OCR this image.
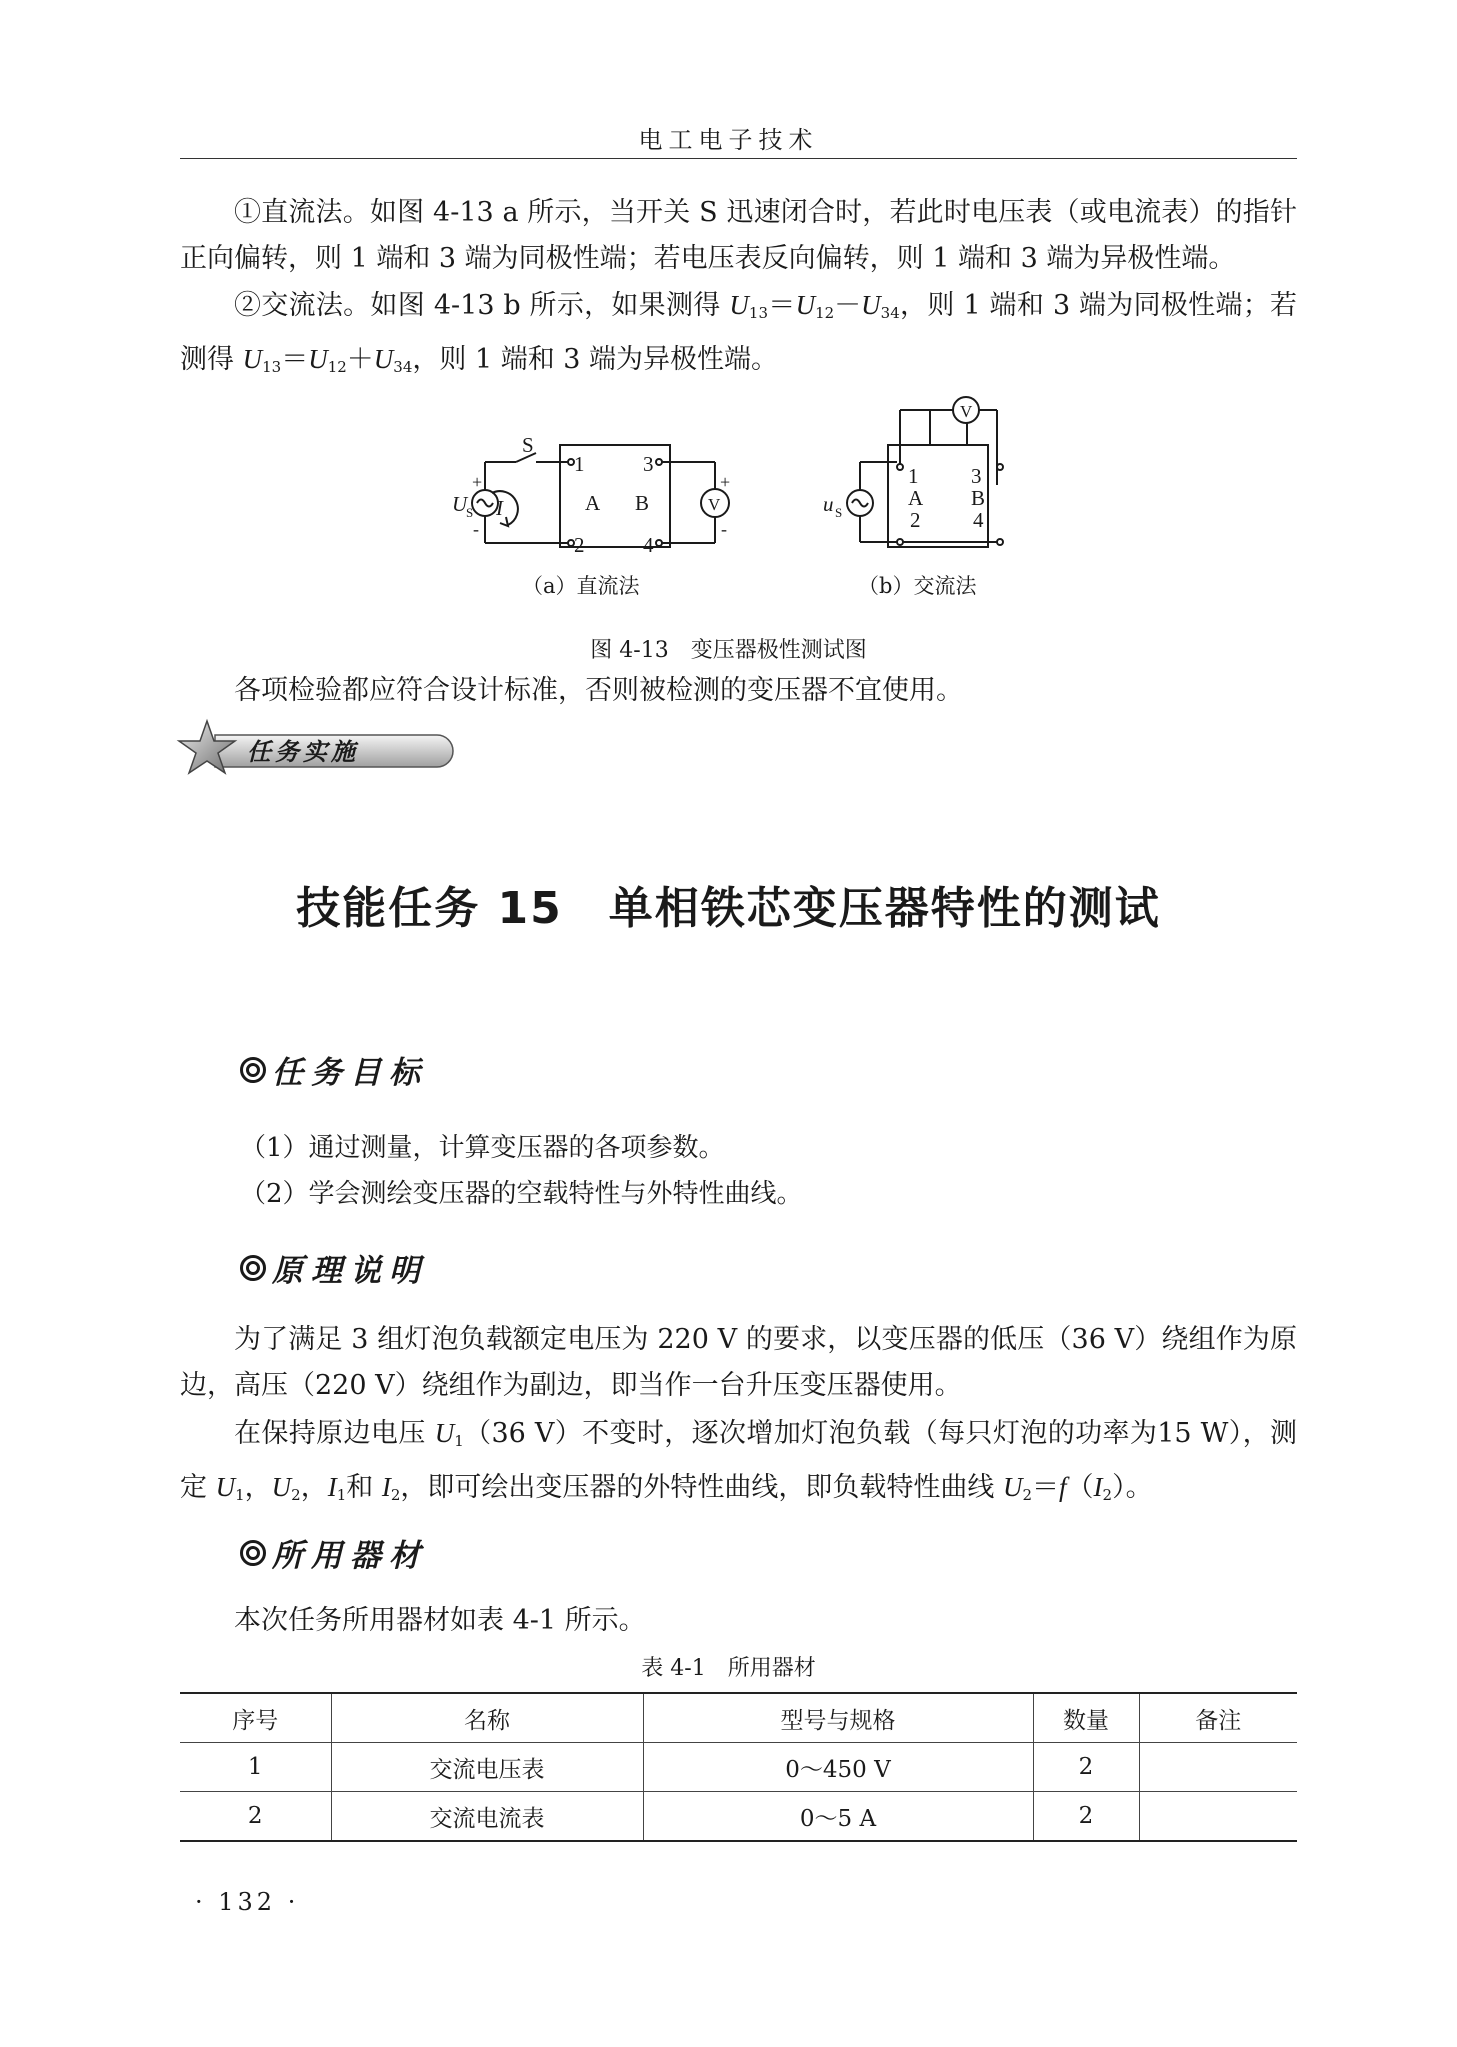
电工电子技术
①直流法。如图 4-13 a 所示，当开关 S 迅速闭合时，若此时电压表（或电流表）的指针正向偏转，则 1 端和 3 端为同极性端；若电压表反向偏转，则 1 端和 3 端为异极性端。
②交流法。如图 4-13 b 所示，如果测得 $U_{13}=U_{12}-U_{34}$，则 1 端和 3 端为同极性端；若测得 $U_{13}=U_{12}+U_{34}$，则 1 端和 3 端为异极性端。
S
1
2
3
4
A B
U
S I
+
-
V
+
-
V
1	3
A B
2	4
u S
（a）直流法	（b）交流法
图 4-13　变压器极性测试图
各项检验都应符合设计标准，否则被检测的变压器不宜使用。
任务实施
技能任务 15　单相铁芯变压器特性的测试
任务目标
（1）通过测量，计算变压器的各项参数。
（2）学会测绘变压器的空载特性与外特性曲线。
原理说明
为了满足 3 组灯泡负载额定电压为 220 V 的要求，以变压器的低压（36 V）绕组作为原边，高压（220 V）绕组作为副边，即当作一台升压变压器使用。
在保持原边电压 $U_1(36$ V）不变时，逐次增加灯泡负载（每只灯泡的功率为15 W），测定 $U_1$，$U_2$，$I_1$和 $I_2$，即可绘出变压器的外特性曲线，即负载特性曲线 $U_2=f(I_2)$。
所用器材
本次任务所用器材如表 4-1 所示。
表 4-1　所用器材
序号	名称	型号与规格	数量	备注
1	交流电压表	0～450 V	2	
2	交流电流表	0～5 A	2	
· 132 ·
